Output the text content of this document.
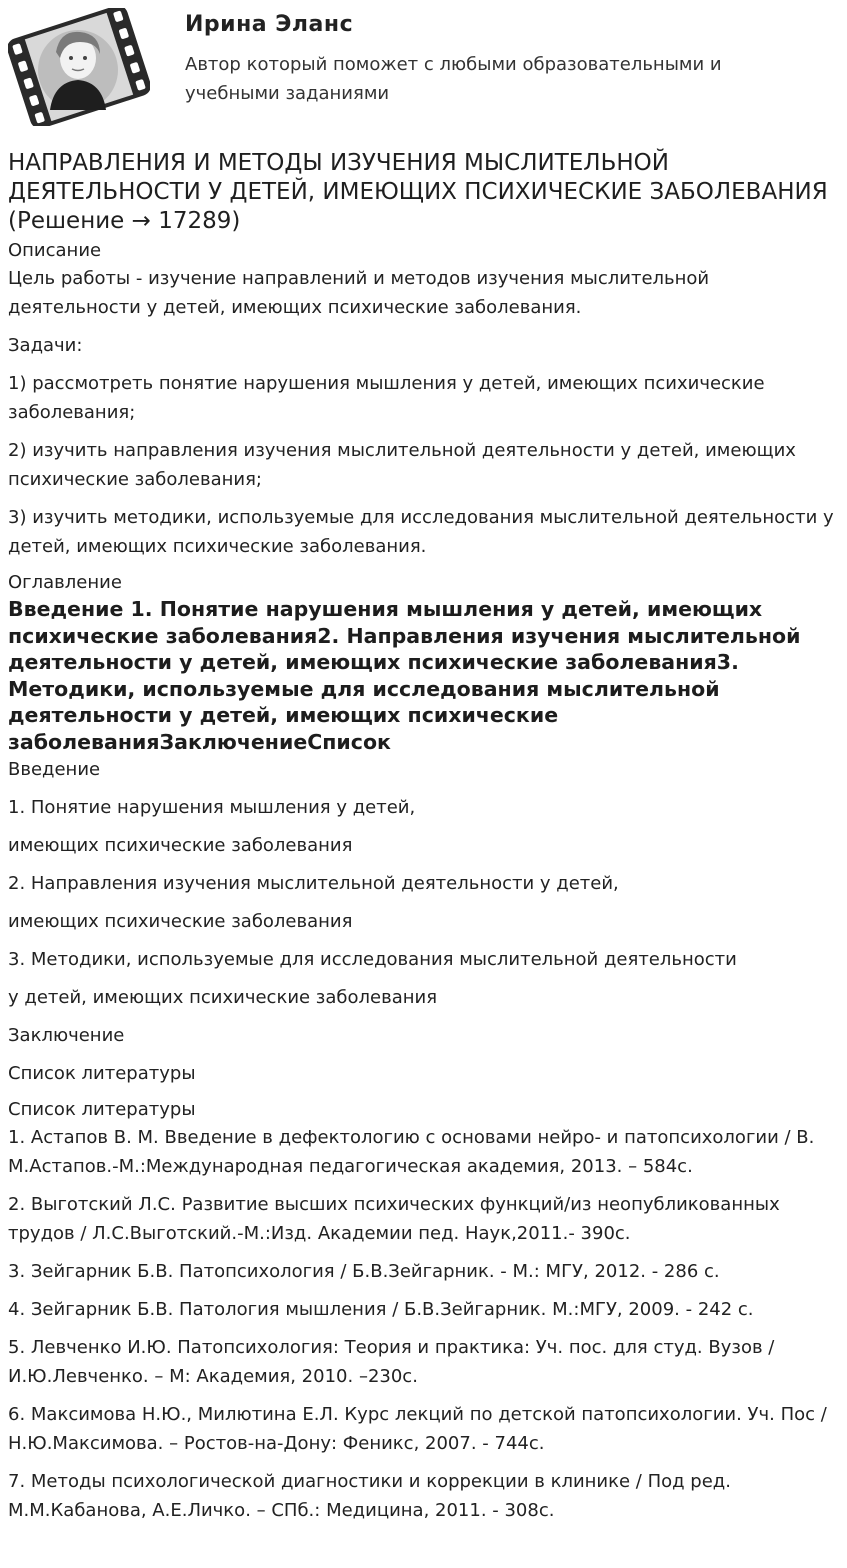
Ирина Эланс
Автор который поможет с любыми образовательными и учебными заданиями
НАПРАВЛЕНИЯ И МЕТОДЫ ИЗУЧЕНИЯ МЫСЛИТЕЛЬНОЙ ДЕЯТЕЛЬНОСТИ У ДЕТЕЙ, ИМЕЮЩИХ ПСИХИЧЕСКИЕ ЗАБОЛЕВАНИЯ (Решение → 17289)
Описание

Цель работы - изучение направлений и методов изучения мыслительной деятельности у детей, имеющих психические заболевания.

Задачи:

1) рассмотреть понятие нарушения мышления у детей, имеющих психические заболевания;

2) изучить направления изучения мыслительной деятельности у детей, имеющих психические заболевания;

3) изучить методики, используемые для исследования мыслительной деятельности у детей, имеющих психические заболевания.

Оглавление

Введение 1. Понятие нарушения мышления у детей, имеющих психические заболевания2. Направления изучения мыслительной деятельности у детей, имеющих психические заболевания3. Методики, используемые для исследования мыслительной деятельности у детей, имеющих психические заболеванияЗаключениеСписок

Введение

1. Понятие нарушения мышления у детей,

имеющих психические заболевания

2. Направления изучения мыслительной деятельности у детей,

имеющих психические заболевания

3. Методики, используемые для исследования мыслительной деятельности

у детей, имеющих психические заболевания

Заключение

Список литературы

Список литературы

1. Астапов В. М. Введение в дефектологию с основами нейро- и патопсихологии / В. М.Астапов.-М.:Международная педагогическая академия, 2013. – 584с.

2. Выготский Л.С. Развитие высших психических функций/из неопубликованных трудов / Л.С.Выготский.-М.:Изд. Академии пед. Наук,2011.- 390с.

3. Зейгарник Б.В. Патопсихология / Б.В.Зейгарник. - М.: МГУ, 2012. - 286 с.

4. Зейгарник Б.В. Патология мышления / Б.В.Зейгарник. М.:МГУ, 2009. - 242 с.

5. Левченко И.Ю. Патопсихология: Теория и практика: Уч. пос. для студ. Вузов / И.Ю.Левченко. – М: Академия, 2010. –230с.

6. Максимова Н.Ю., Милютина Е.Л. Курс лекций по детской патопсихологии. Уч. Пос / Н.Ю.Максимова. – Ростов-на-Дону: Феникс, 2007. - 744с.

7. Методы психологической диагностики и коррекции в клинике / Под ред. М.М.Кабанова, А.Е.Личко. – СПб.: Медицина, 2011. - 308с.
